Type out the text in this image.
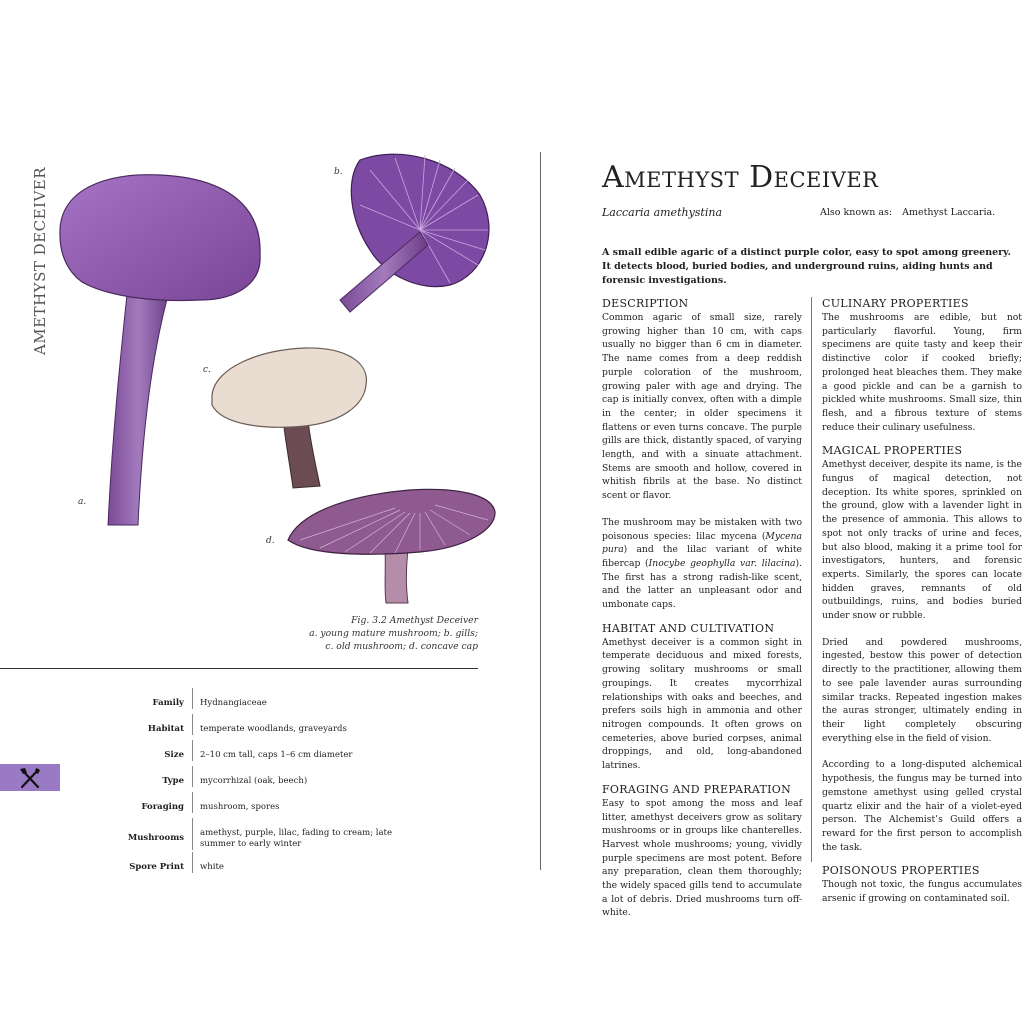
AMETHYST DECEIVER
a.
b.
c.
d.
Fig. 3.2 Amethyst Deceiver
a. young mature mushroom; b. gills;
c. old mushroom; d. concave cap
Family	Hydnangiaceae
Habitat	temperate woodlands, graveyards
Size	2–10 cm tall, caps 1–6 cm diameter
Type	mycorrhizal (oak, beech)
Foraging	mushroom, spores
Mushrooms	amethyst, purple, lilac, fading to cream; late summer to early winter
Spore Print	white
Amethyst Deceiver
Laccaria amethystina	Also known as: Amethyst Laccaria.
A small edible agaric of a distinct purple color, easy to spot among greenery. It detects blood, buried bodies, and underground ruins, aiding hunts and forensic investigations.
DESCRIPTION

Common agaric of small size, rarely growing higher than 10 cm, with caps usually no bigger than 6 cm in diameter. The name comes from a deep reddish purple coloration of the mushroom, growing paler with age and drying. The cap is initially convex, often with a dimple in the center; in older specimens it flattens or even turns concave. The purple gills are thick, distantly spaced, of varying length, and with a sinuate attachment. Stems are smooth and hollow, covered in whitish fibrils at the base. No distinct scent or flavor.

The mushroom may be mistaken with two poisonous species: lilac mycena (Mycena pura) and the lilac variant of white fibercap (Inocybe geophylla var. lilacina). The first has a strong radish-like scent, and the latter an unpleasant odor and umbonate caps.

HABITAT AND CULTIVATION

Amethyst deceiver is a common sight in temperate deciduous and mixed forests, growing solitary mushrooms or small groupings. It creates mycorrhizal relationships with oaks and beeches, and prefers soils high in ammonia and other nitrogen compounds. It often grows on cemeteries, above buried corpses, animal droppings, and old, long-abandoned latrines.

FORAGING AND PREPARATION

Easy to spot among the moss and leaf litter, amethyst deceivers grow as solitary mushrooms or in groups like chanterelles. Harvest whole mushrooms; young, vividly purple specimens are most potent. Before any preparation, clean them thoroughly; the widely spaced gills tend to accumulate a lot of debris. Dried mushrooms turn off-white.

CULINARY PROPERTIES

The mushrooms are edible, but not particularly flavorful. Young, firm specimens are quite tasty and keep their distinctive color if cooked briefly; prolonged heat bleaches them. They make a good pickle and can be a garnish to pickled white mushrooms. Small size, thin flesh, and a fibrous texture of stems reduce their culinary usefulness.

MAGICAL PROPERTIES

Amethyst deceiver, despite its name, is the fungus of magical detection, not deception. Its white spores, sprinkled on the ground, glow with a lavender light in the presence of ammonia. This allows to spot not only tracks of urine and feces, but also blood, making it a prime tool for investigators, hunters, and forensic experts. Similarly, the spores can locate hidden graves, remnants of old outbuildings, ruins, and bodies buried under snow or rubble.

Dried and powdered mushrooms, ingested, bestow this power of detection directly to the practitioner, allowing them to see pale lavender auras surrounding similar tracks. Repeated ingestion makes the auras stronger, ultimately ending in their light completely obscuring everything else in the field of vision.

According to a long-disputed alchemical hypothesis, the fungus may be turned into gemstone amethyst using gelled crystal quartz elixir and the hair of a violet-eyed person. The Alchemist’s Guild offers a reward for the first person to accomplish the task.

POISONOUS PROPERTIES

Though not toxic, the fungus accumulates arsenic if growing on contaminated soil.
